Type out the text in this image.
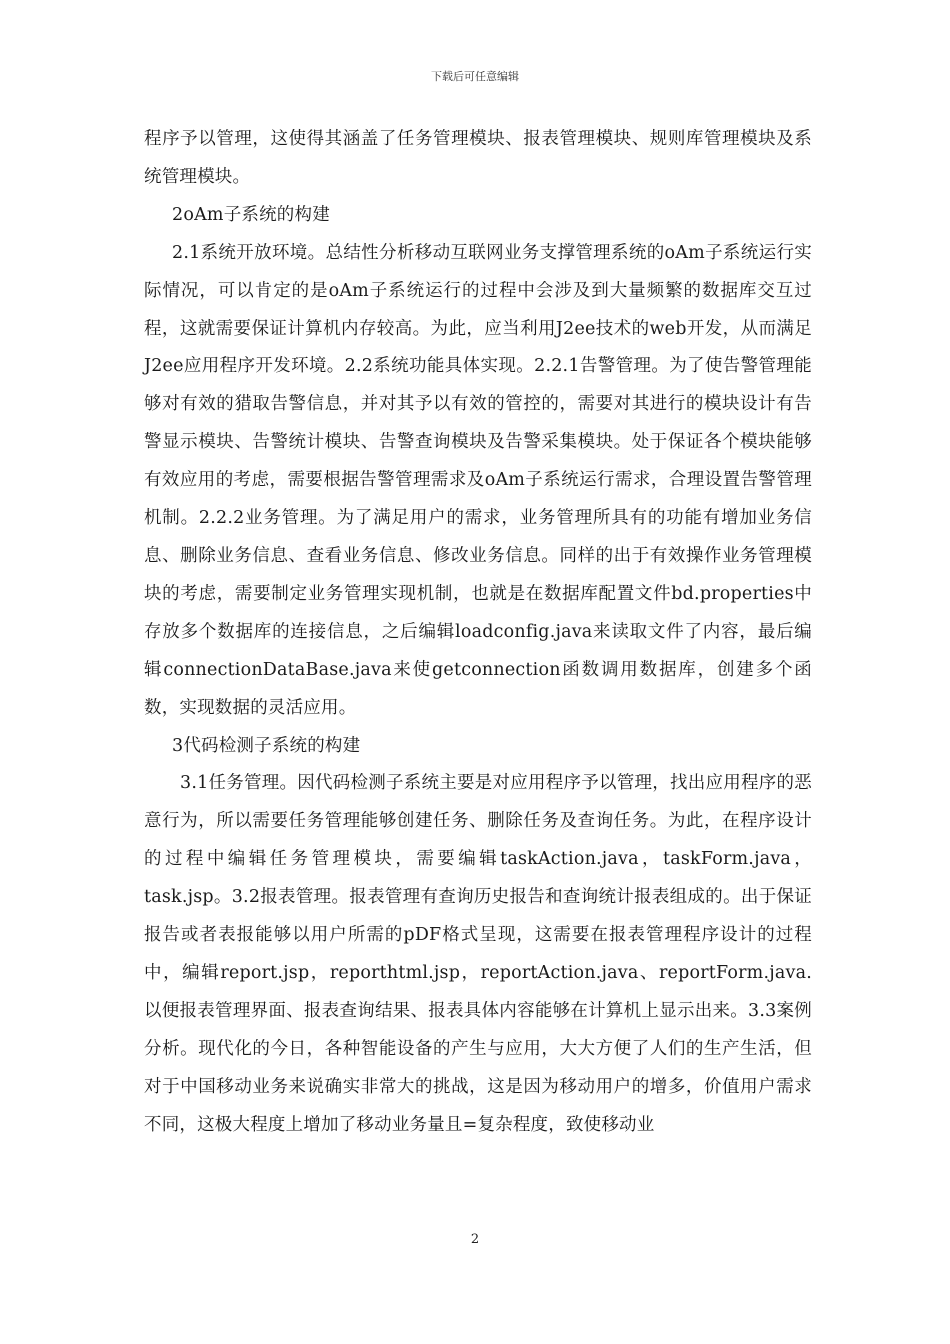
下载后可任意编辑

程序予以管理，这使得其涵盖了任务管理模块、报表管理模块、规则库管理模块及系统管理模块。

2oAm子系统的构建

2.1系统开放环境。总结性分析移动互联网业务支撑管理系统的oAm子系统运行实际情况，可以肯定的是oAm子系统运行的过程中会涉及到大量频繁的数据库交互过程，这就需要保证计算机内存较高。为此，应当利用J2ee技术的web开发，从而满足J2ee应用程序开发环境。2.2系统功能具体实现。2.2.1告警管理。为了使告警管理能够对有效的猎取告警信息，并对其予以有效的管控的，需要对其进行的模块设计有告警显示模块、告警统计模块、告警查询模块及告警采集模块。处于保证各个模块能够有效应用的考虑，需要根据告警管理需求及oAm子系统运行需求，合理设置告警管理机制。2.2.2业务管理。为了满足用户的需求，业务管理所具有的功能有增加业务信息、删除业务信息、查看业务信息、修改业务信息。同样的出于有效操作业务管理模块的考虑，需要制定业务管理实现机制，也就是在数据库配置文件bd.properties中存放多个数据库的连接信息，之后编辑loadconfig.java来读取文件了内容，最后编辑connectionDataBase.java来使getconnection函数调用数据库，创建多个函数，实现数据的灵活应用。

3代码检测子系统的构建

3.1任务管理。因代码检测子系统主要是对应用程序予以管理，找出应用程序的恶意行为，所以需要任务管理能够创建任务、删除任务及查询任务。为此，在程序设计的过程中编辑任务管理模块，需要编辑taskAction.java，taskForm.java，task.jsp。3.2报表管理。报表管理有查询历史报告和查询统计报表组成的。出于保证报告或者表报能够以用户所需的pDF格式呈现，这需要在报表管理程序设计的过程中，编辑report.jsp，reporthtml.jsp，reportAction.java、reportForm.java.以便报表管理界面、报表查询结果、报表具体内容能够在计算机上显示出来。3.3案例分析。现代化的今日，各种智能设备的产生与应用，大大方便了人们的生产生活，但对于中国移动业务来说确实非常大的挑战，这是因为移动用户的增多，价值用户需求不同，这极大程度上增加了移动业务量且=复杂程度，致使移动业

2
